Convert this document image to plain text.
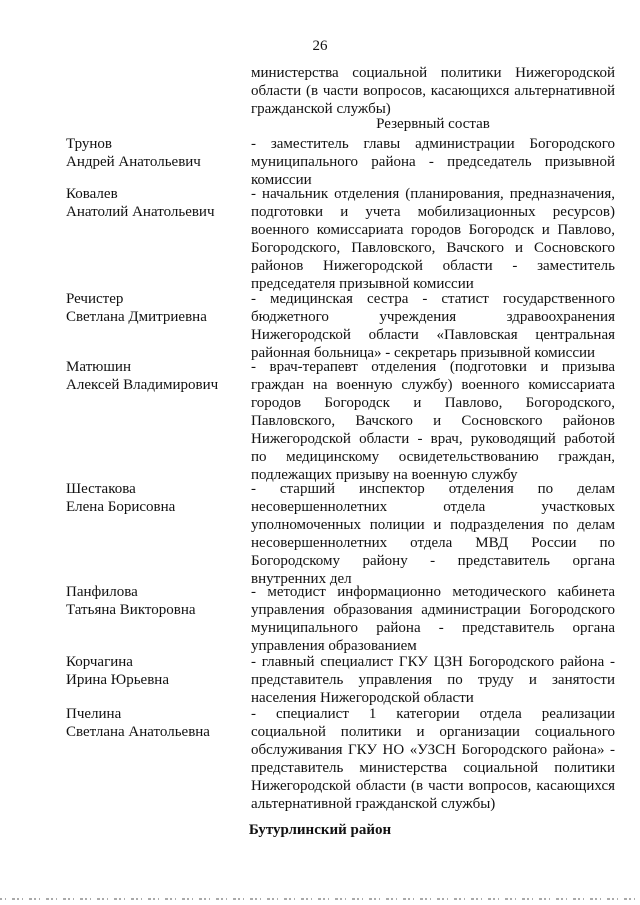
26

министерства социальной политики Нижегородской

области (в части вопросов, касающихся альтернативной

гражданской службы)

Резервный состав
Трунов
Андрей Анатольевич

- заместитель главы администрации Богородского

муниципального района - председатель призывной

комиссии

Ковалев
Анатолий Анатольевич

- начальник отделения (планирования, предназначения,

подготовки и учета мобилизационных ресурсов)

военного комиссариата городов Богородск и Павлово,

Богородского, Павловского, Вачского и Сосновского

районов Нижегородской области - заместитель

председателя призывной комиссии

Речистер
Светлана Дмитриевна

- медицинская сестра - статист государственного

бюджетного учреждения здравоохранения

Нижегородской области «Павловская центральная

районная больница» - секретарь призывной комиссии

Матюшин
Алексей Владимирович

- врач-терапевт отделения (подготовки и призыва

граждан на военную службу) военного комиссариата

городов Богородск и Павлово, Богородского,

Павловского, Вачского и Сосновского районов

Нижегородской области - врач, руководящий работой

по медицинскому освидетельствованию граждан,

подлежащих призыву на военную службу

Шестакова
Елена Борисовна

- старший инспектор отделения по делам

несовершеннолетних отдела участковых

уполномоченных полиции и подразделения по делам

несовершеннолетних отдела МВД России по

Богородскому району - представитель органа

внутренних дел

Панфилова
Татьяна Викторовна

- методист информационно методического кабинета

управления образования администрации Богородского

муниципального района - представитель органа

управления образованием

Корчагина
Ирина Юрьевна

- главный специалист ГКУ ЦЗН Богородского района -

представитель управления по труду и занятости

населения Нижегородской области

Пчелина
Светлана Анатольевна

- специалист 1 категории отдела реализации

социальной политики и организации социального

обслуживания ГКУ НО «УЗСН Богородского района» -

представитель министерства социальной политики

Нижегородской области (в части вопросов, касающихся

альтернативной гражданской службы)

Бутурлинский район
